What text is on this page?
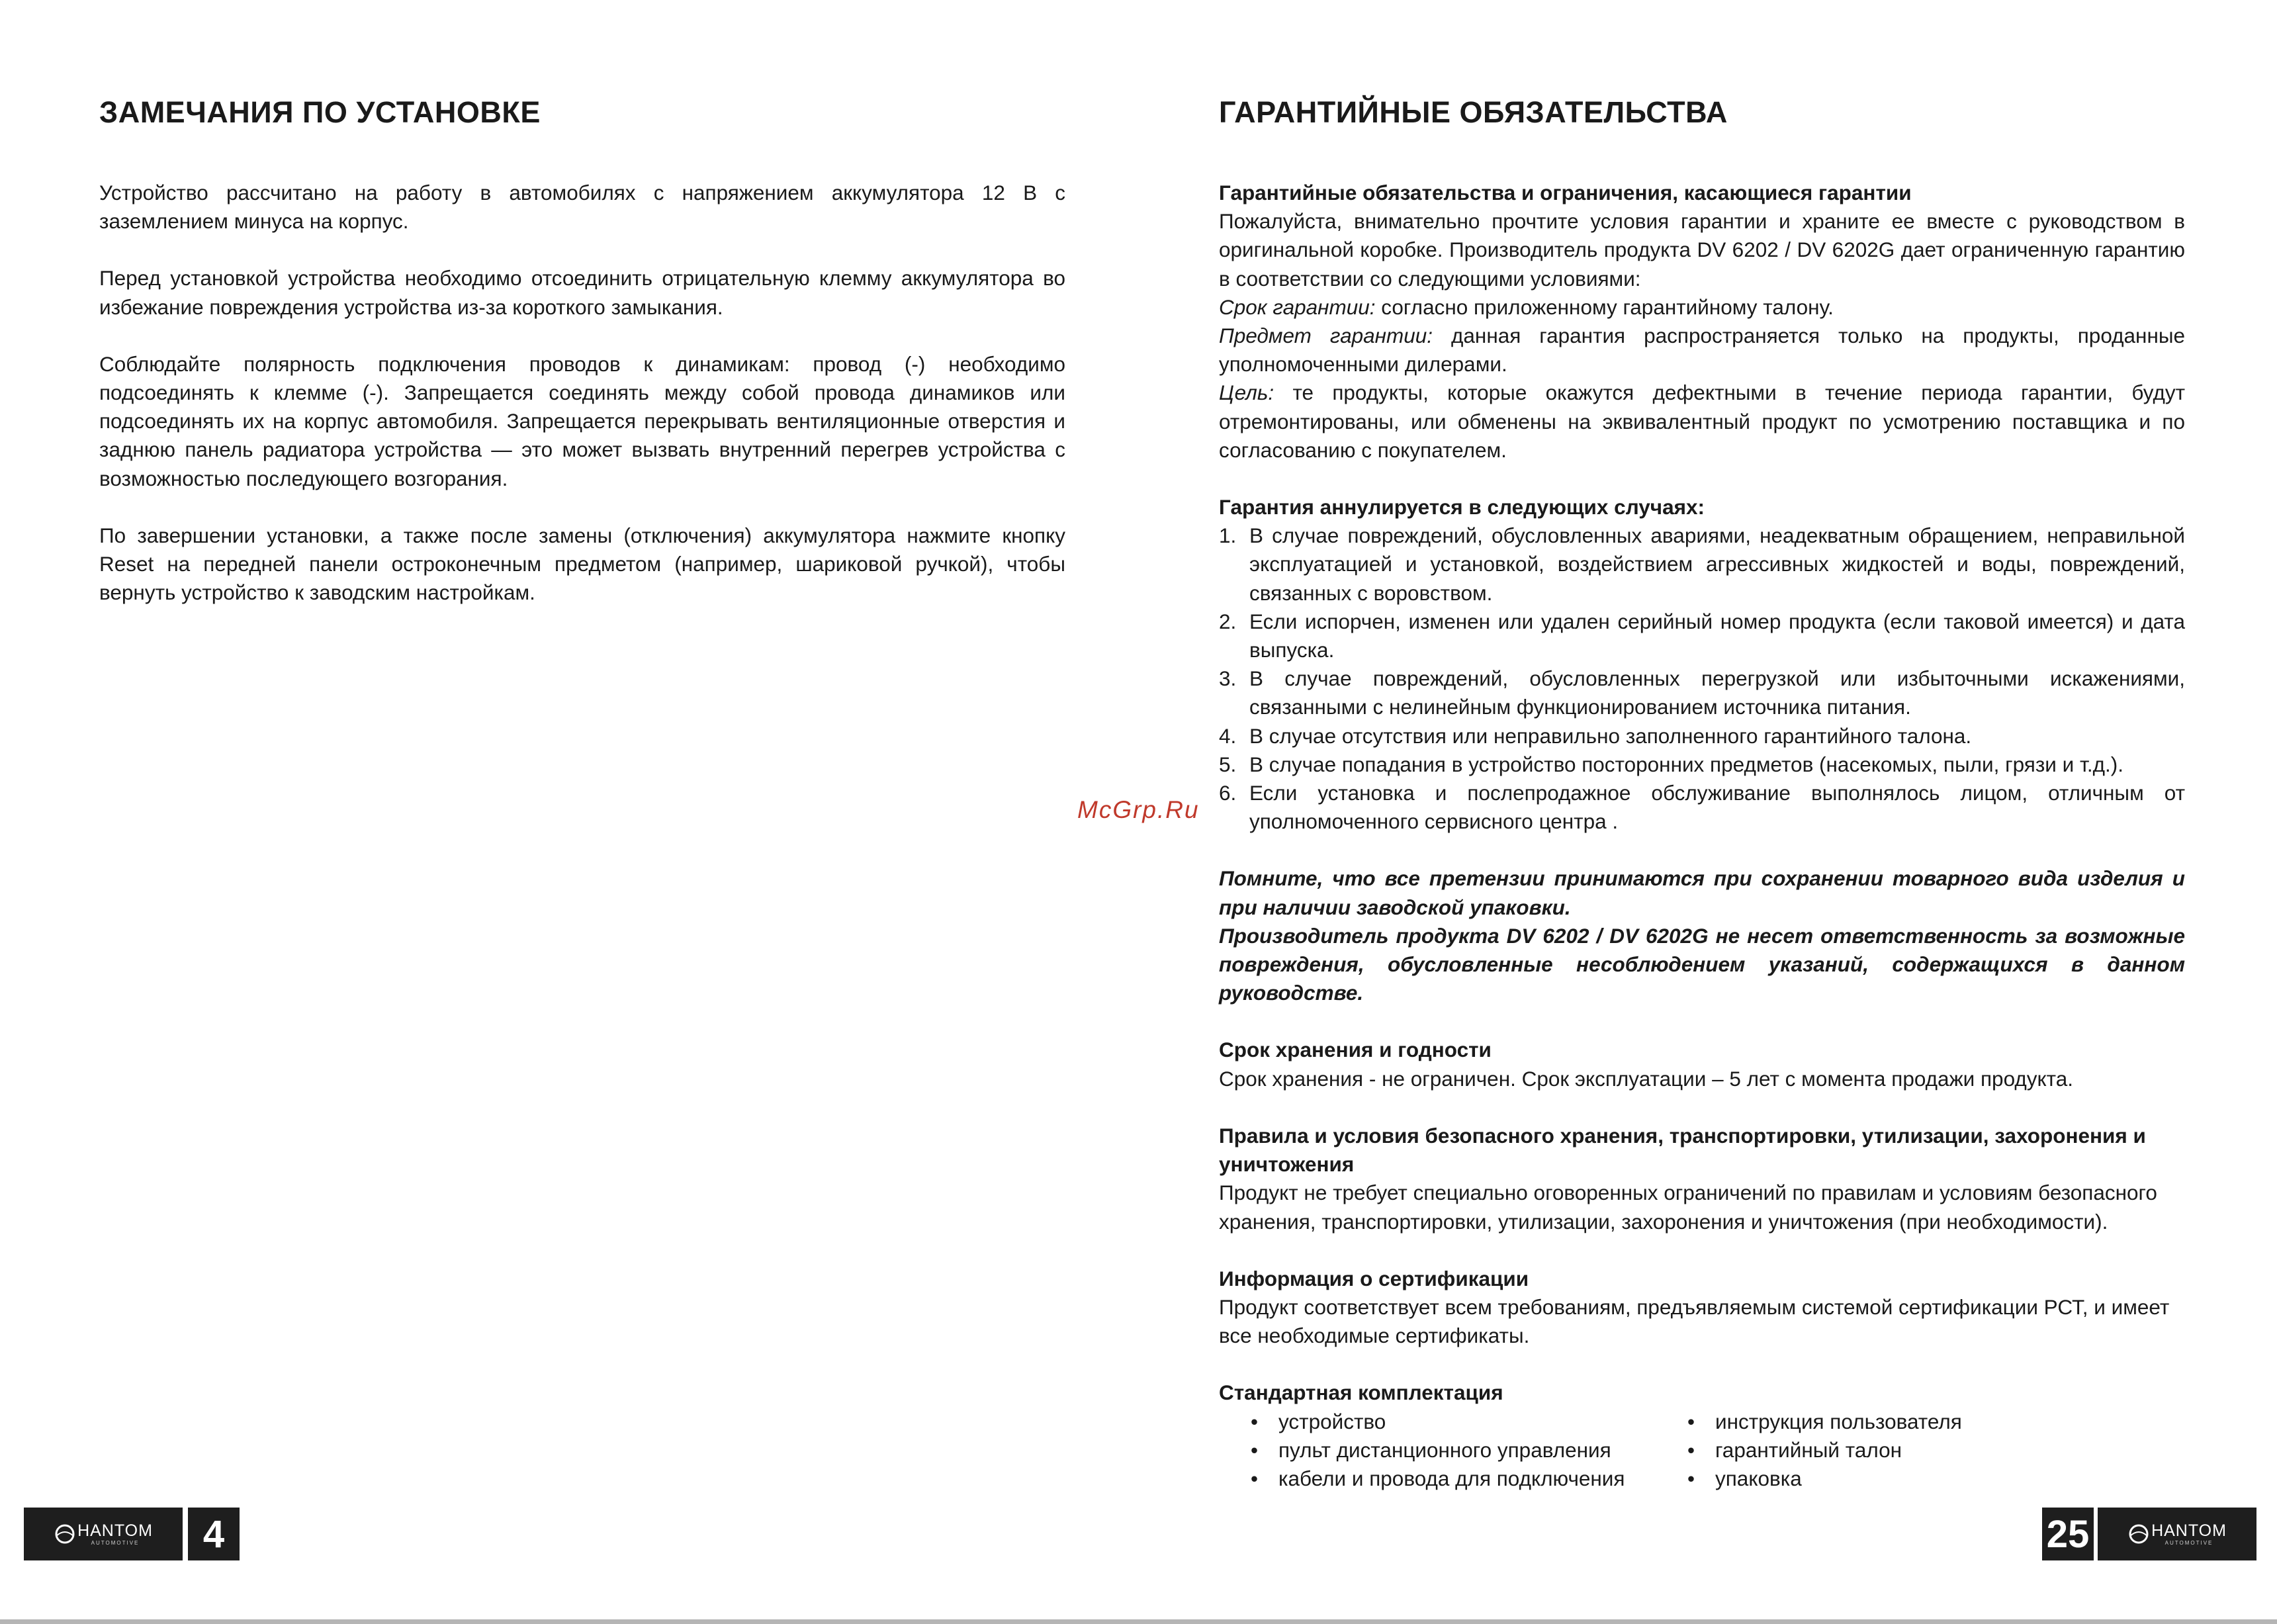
ЗАМЕЧАНИЯ ПО УСТАНОВКЕ

Устройство рассчитано на работу в автомобилях с напряжением аккумулятора 12 В с заземлением минуса на корпус.

Перед установкой устройства необходимо отсоединить отрицательную клемму аккумулятора во избежание повреждения устройства из-за короткого замыкания.

Соблюдайте полярность подключения проводов к динамикам: провод (-) необходимо подсоединять к клемме (-). Запрещается соединять между собой провода динамиков или подсоединять их на корпус автомобиля. Запрещается перекрывать вентиляционные отверстия и заднюю панель радиатора устройства — это может вызвать внутренний перегрев устройства с возможностью последующего возгорания.

По завершении установки, а также после замены (отключения) аккумулятора нажмите кнопку Reset на передней панели остроконечным предметом (например, шариковой ручкой), чтобы вернуть устройство к заводским настройкам.

ГАРАНТИЙНЫЕ ОБЯЗАТЕЛЬСТВА

Гарантийные обязательства и ограничения, касающиеся гарантии

Пожалуйста, внимательно прочтите условия гарантии и храните ее вместе с руководством в оригинальной коробке. Производитель продукта DV 6202 / DV 6202G дает ограниченную гарантию в соответствии со следующими условиями:

Срок гарантии: согласно приложенному гарантийному талону.

Предмет гарантии: данная гарантия распространяется только на продукты, проданные уполномоченными дилерами.

Цель: те продукты, которые окажутся дефектными в течение периода гарантии, будут отремонтированы, или обменены на эквивалентный продукт по усмотрению поставщика и по согласованию с покупателем.

Гарантия аннулируется в следующих случаях:

1. В случае повреждений, обусловленных авариями, неадекватным обращением, неправильной эксплуатацией и установкой, воздействием агрессивных жидкостей и воды, повреждений, связанных с воровством.
2. Если испорчен, изменен или удален серийный номер продукта (если таковой имеется) и дата выпуска.
3. В случае повреждений, обусловленных перегрузкой или избыточными искажениями, связанными с нелинейным функционированием источника питания.
4. В случае отсутствия или неправильно заполненного гарантийного талона.
5. В случае попадания в устройство посторонних предметов (насекомых, пыли, грязи и т.д.).
6. Если установка и послепродажное обслуживание выполнялось лицом, отличным от уполномоченного сервисного центра .

Помните, что все претензии принимаются при сохранении товарного вида изделия и при наличии заводской упаковки.

Производитель продукта DV 6202 / DV 6202G не несет ответственность за возможные повреждения, обусловленные несоблюдением указаний, содержащихся в данном руководстве.

Срок хранения и годности

Срок хранения - не ограничен. Срок эксплуатации – 5 лет с момента продажи продукта.

Правила и условия безопасного хранения, транспортировки, утилизации, захоронения и уничтожения

Продукт не требует специально оговоренных ограничений по правилам и условиям безопасного хранения, транспортировки, утилизации, захоронения и уничтожения (при необходимости).

Информация о сертификации

Продукт соответствует всем требованиям, предъявляемым системой сертификации РСТ, и имеет все необходимые сертификаты.

Стандартная комплектация

• устройство
• пульт дистанционного управления
• кабели и провода для подключения
• инструкция пользователя
• гарантийный талон
• упаковка
McGrp.Ru
HANTOM
AUTOMOTIVE	4	25	HANTOM
AUTOMOTIVE
